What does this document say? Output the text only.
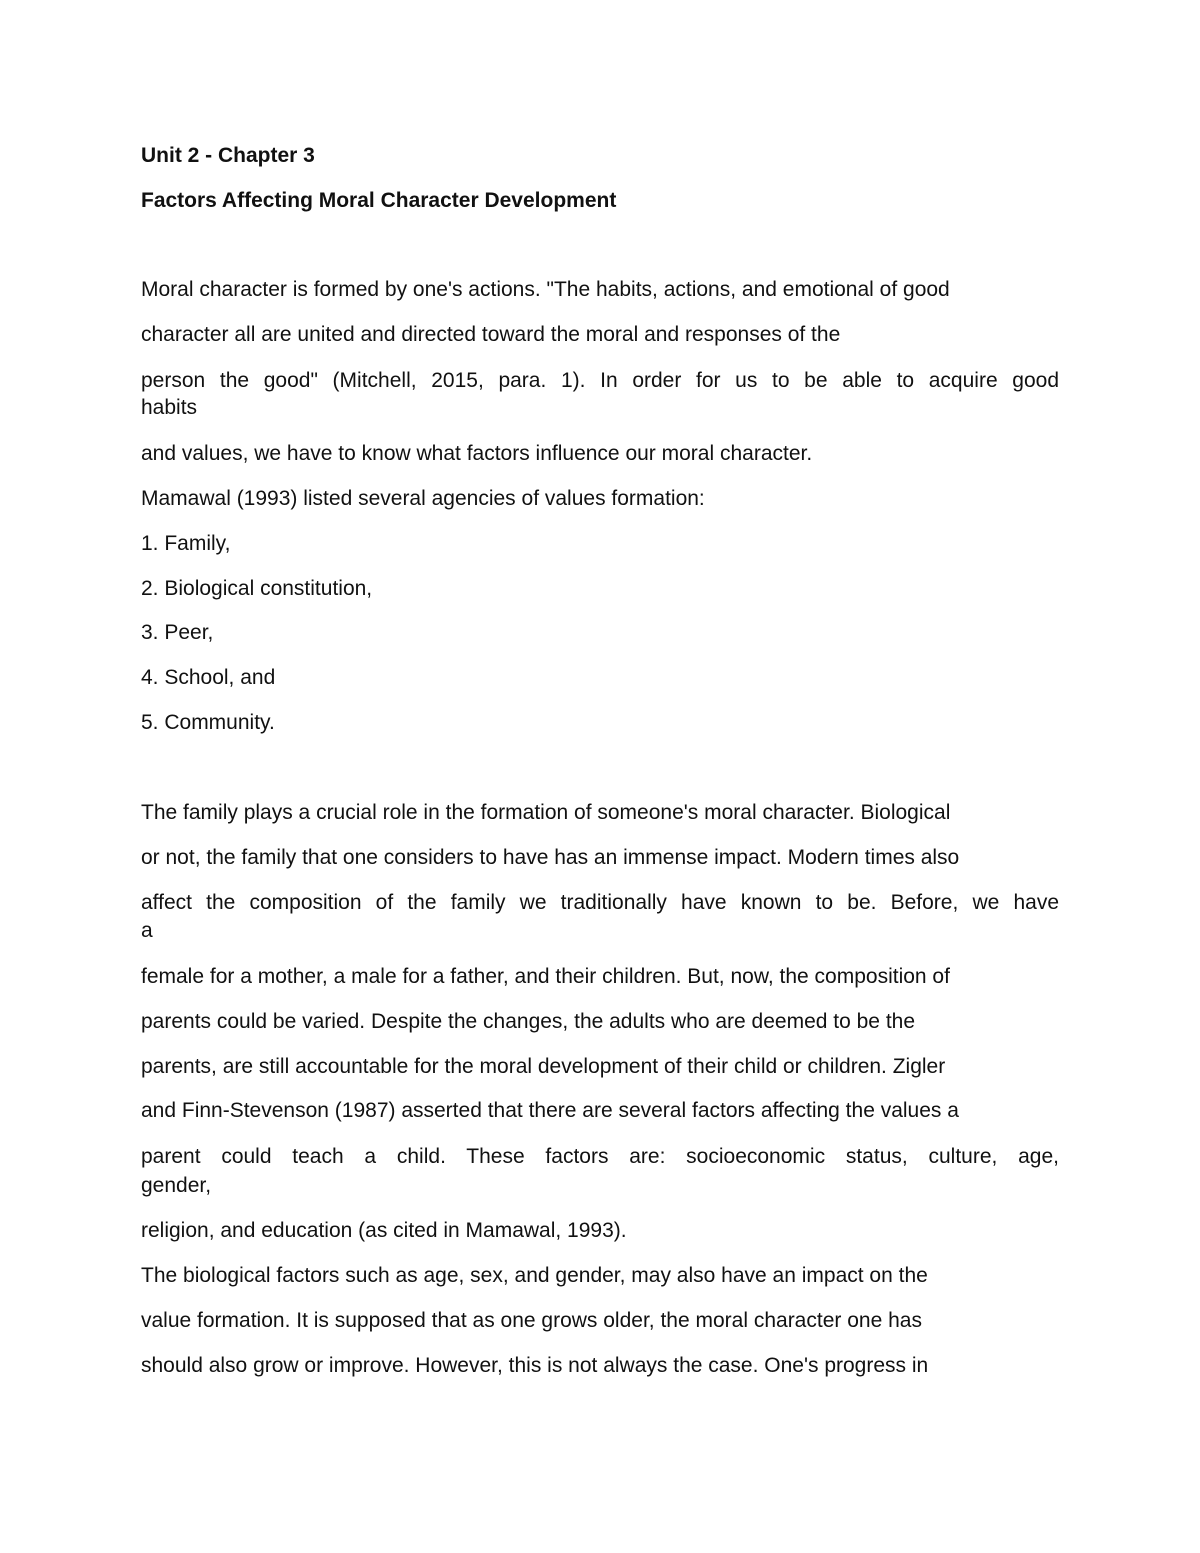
Unit 2 - Chapter 3

Factors Affecting Moral Character Development

Moral character is formed by one's actions. "The habits, actions, and emotional of good

character all are united and directed toward the moral and responses of the

person the good" (Mitchell, 2015, para. 1). In order for us to be able to acquire good

habits

and values, we have to know what factors influence our moral character.

Mamawal (1993) listed several agencies of values formation:

1. Family,

2. Biological constitution,

3. Peer,

4. School, and

5. Community.

The family plays a crucial role in the formation of someone's moral character. Biological

or not, the family that one considers to have has an immense impact. Modern times also

affect the composition of the family we traditionally have known to be. Before, we have

a

female for a mother, a male for a father, and their children. But, now, the composition of

parents could be varied. Despite the changes, the adults who are deemed to be the

parents, are still accountable for the moral development of their child or children. Zigler

and Finn-Stevenson (1987) asserted that there are several factors affecting the values a

parent could teach a child. These factors are: socioeconomic status, culture, age,

gender,

religion, and education (as cited in Mamawal, 1993).

The biological factors such as age, sex, and gender, may also have an impact on the

value formation. It is supposed that as one grows older, the moral character one has

should also grow or improve. However, this is not always the case. One's progress in
